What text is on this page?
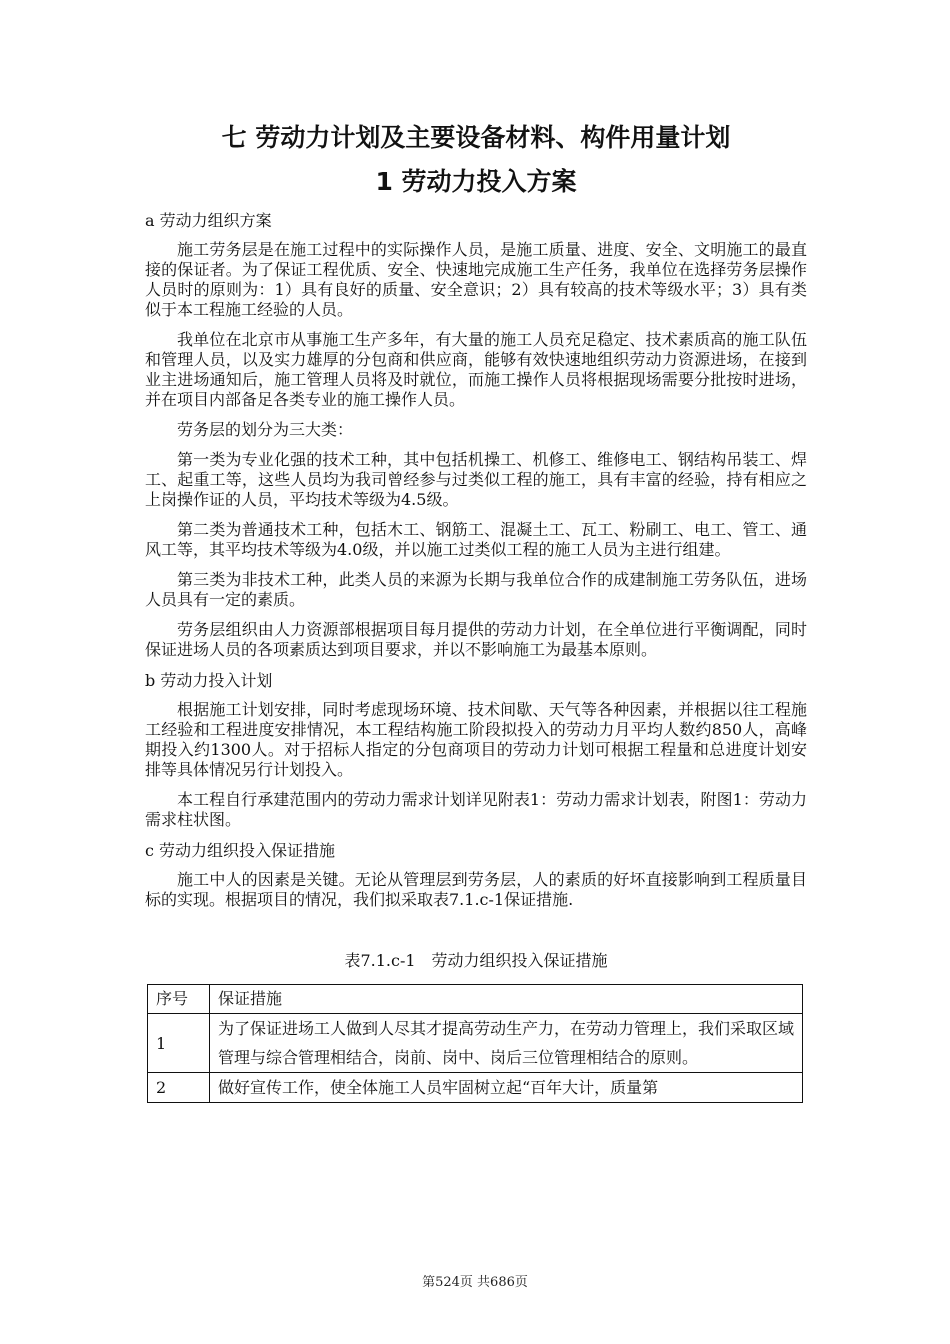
七 劳动力计划及主要设备材料、构件用量计划
1 劳动力投入方案
a 劳动力组织方案

施工劳务层是在施工过程中的实际操作人员，是施工质量、进度、安全、文明施工的最直接的保证者。为了保证工程优质、安全、快速地完成施工生产任务，我单位在选择劳务层操作人员时的原则为：1）具有良好的质量、安全意识；2）具有较高的技术等级水平；3）具有类似于本工程施工经验的人员。

我单位在北京市从事施工生产多年，有大量的施工人员充足稳定、技术素质高的施工队伍和管理人员，以及实力雄厚的分包商和供应商，能够有效快速地组织劳动力资源进场，在接到业主进场通知后，施工管理人员将及时就位，而施工操作人员将根据现场需要分批按时进场，并在项目内部备足各类专业的施工操作人员。

劳务层的划分为三大类：

第一类为专业化强的技术工种，其中包括机操工、机修工、维修电工、钢结构吊装工、焊工、起重工等，这些人员均为我司曾经参与过类似工程的施工，具有丰富的经验，持有相应之上岗操作证的人员，平均技术等级为4.5级。

第二类为普通技术工种，包括木工、钢筋工、混凝土工、瓦工、粉刷工、电工、管工、通风工等，其平均技术等级为4.0级，并以施工过类似工程的施工人员为主进行组建。

第三类为非技术工种，此类人员的来源为长期与我单位合作的成建制施工劳务队伍，进场人员具有一定的素质。

劳务层组织由人力资源部根据项目每月提供的劳动力计划，在全单位进行平衡调配，同时保证进场人员的各项素质达到项目要求，并以不影响施工为最基本原则。

b 劳动力投入计划

根据施工计划安排，同时考虑现场环境、技术间歇、天气等各种因素，并根据以往工程施工经验和工程进度安排情况，本工程结构施工阶段拟投入的劳动力月平均人数约850人，高峰期投入约1300人。对于招标人指定的分包商项目的劳动力计划可根据工程量和总进度计划安排等具体情况另行计划投入。

本工程自行承建范围内的劳动力需求计划详见附表1：劳动力需求计划表，附图1：劳动力需求柱状图。

c 劳动力组织投入保证措施

施工中人的因素是关键。无论从管理层到劳务层，人的素质的好坏直接影响到工程质量目标的实现。根据项目的情况，我们拟采取表7.1.c-1保证措施.

表7.1.c-1　劳动力组织投入保证措施
序号	保证措施
1	为了保证进场工人做到人尽其才提高劳动生产力，在劳动力管理上，我们采取区域管理与综合管理相结合，岗前、岗中、岗后三位管理相结合的原则。
2	做好宣传工作，使全体施工人员牢固树立起“百年大计，质量第
第524页 共686页
